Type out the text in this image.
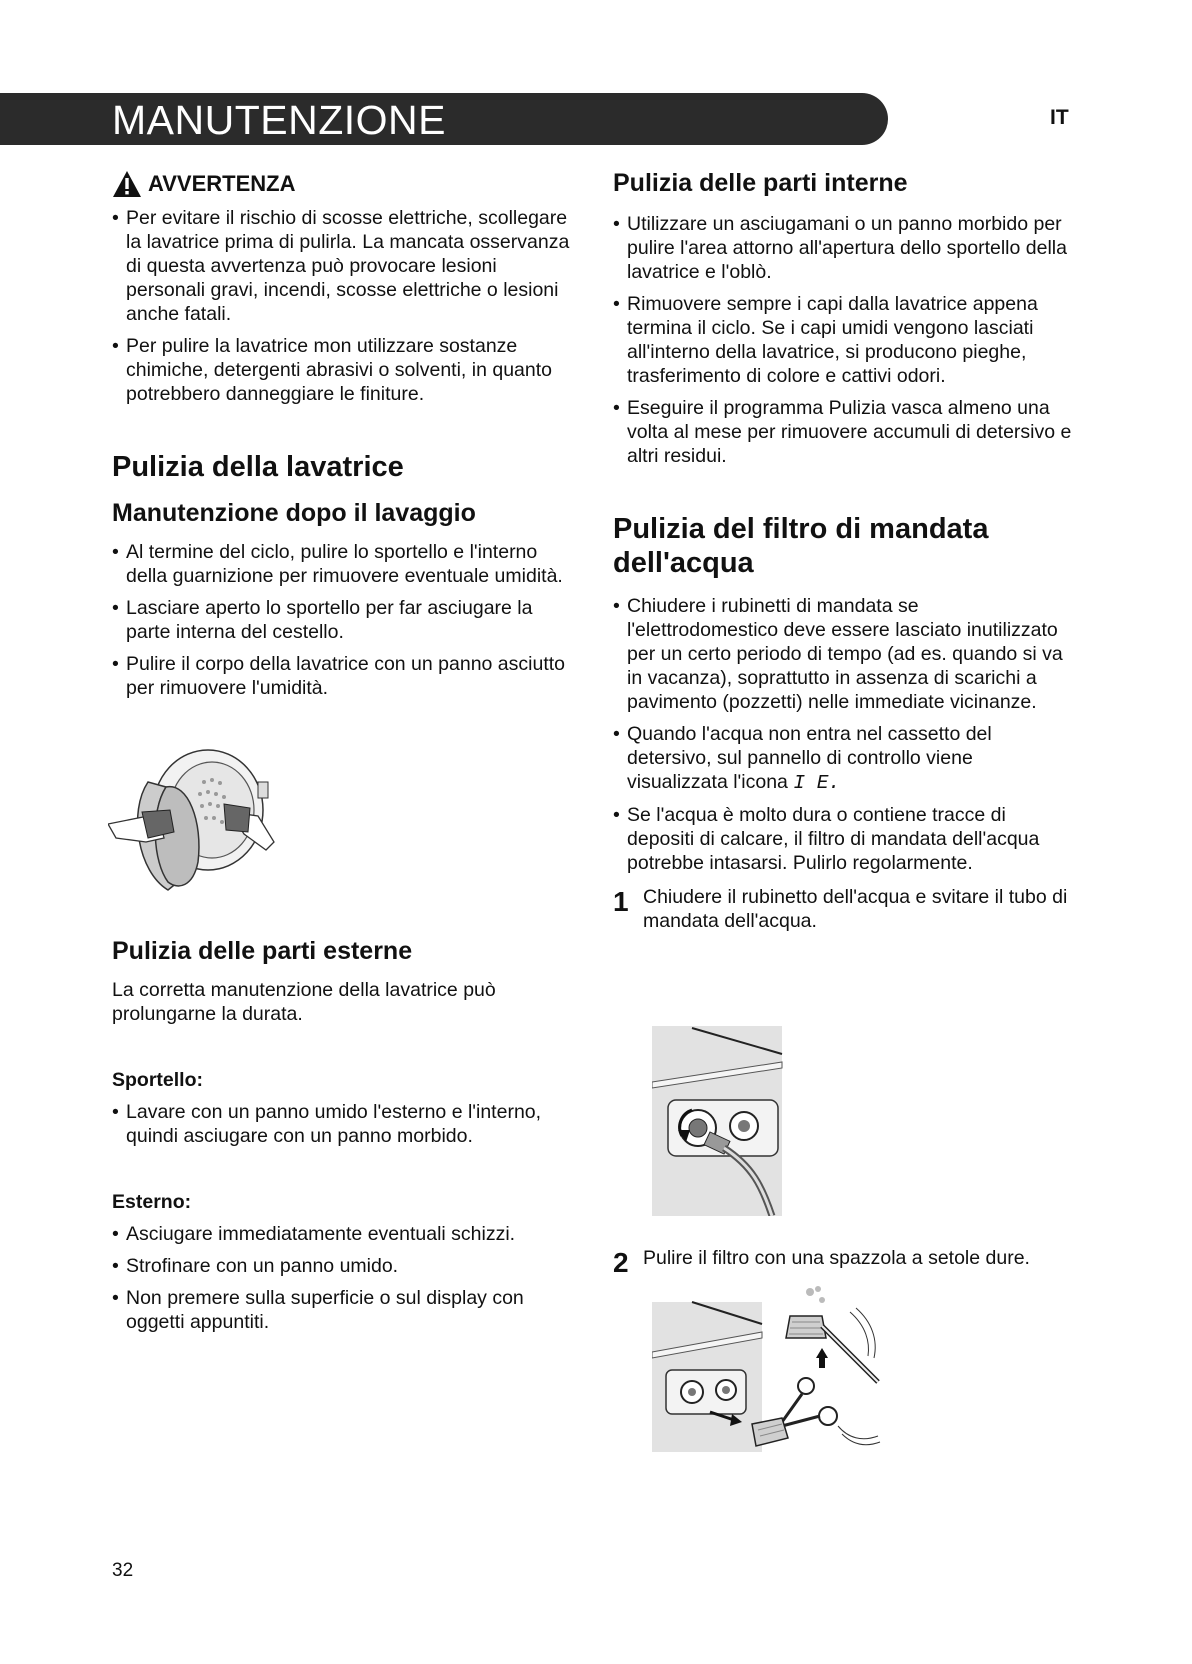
MANUTENZIONE	IT
AVVERTENZA
• Per evitare il rischio di scosse elettriche, scollegare la lavatrice prima di pulirla. La mancata osservanza di questa avvertenza può provocare lesioni personali gravi, incendi, scosse elettriche o lesioni anche fatali.
• Per pulire la lavatrice mon utilizzare sostanze chimiche, detergenti abrasivi o solventi, in quanto potrebbero danneggiare le finiture.
Pulizia della lavatrice
Manutenzione dopo il lavaggio
• Al termine del ciclo, pulire lo sportello e l'interno della guarnizione per rimuovere eventuale umidità.
• Lasciare aperto lo sportello per far asciugare la parte interna del cestello.
• Pulire il corpo della lavatrice con un panno asciutto per rimuovere l'umidità.
Pulizia delle parti esterne

La corretta manutenzione della lavatrice può prolungarne la durata.

Sportello:
• Lavare con un panno umido l'esterno e l'interno, quindi asciugare con un panno morbido.
Esterno:
• Asciugare immediatamente eventuali schizzi.
• Strofinare con un panno umido.
• Non premere sulla superficie o sul display con oggetti appuntiti.
Pulizia delle parti interne
• Utilizzare un asciugamani o un panno morbido per pulire l'area attorno all'apertura dello sportello della lavatrice e l'oblò.
• Rimuovere sempre i capi dalla lavatrice appena termina il ciclo. Se i capi umidi vengono lasciati all'interno della lavatrice, si producono pieghe, trasferimento di colore e cattivi odori.
• Eseguire il programma Pulizia vasca almeno una volta al mese per rimuovere accumuli di detersivo e altri residui.
Pulizia del filtro di mandata dell'acqua
• Chiudere i rubinetti di mandata se l'elettrodomestico deve essere lasciato inutilizzato per un certo periodo di tempo (ad es. quando si va in vacanza), soprattutto in assenza di scarichi a pavimento (pozzetti) nelle immediate vicinanze.
• Quando l'acqua non entra nel cassetto del detersivo, sul pannello di controllo viene visualizzata l'icona I E.
• Se l'acqua è molto dura o contiene tracce di depositi di calcare, il filtro di mandata dell'acqua potrebbe intasarsi. Pulirlo regolarmente.
1 Chiudere il rubinetto dell'acqua e svitare il tubo di mandata dell'acqua.
2 Pulire il filtro con una spazzola a setole dure.
32
